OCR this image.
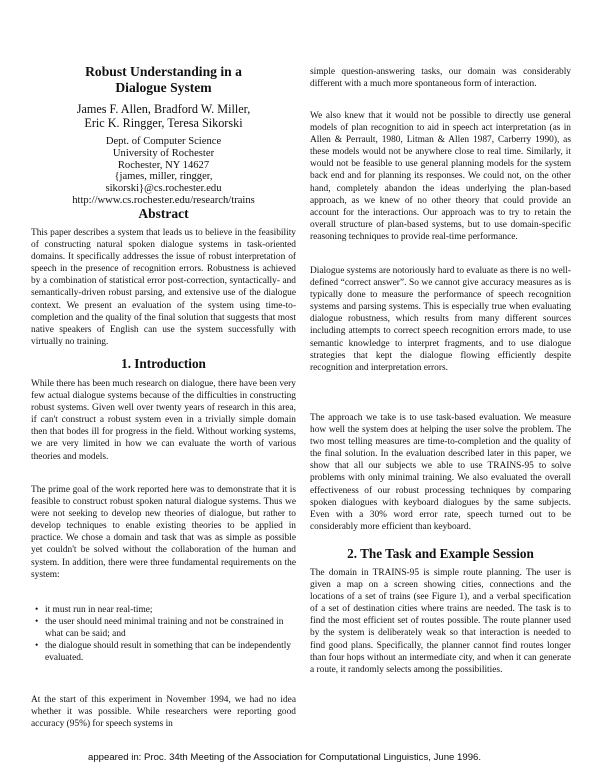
Robust Understanding in a
Dialogue System
James F. Allen, Bradford W. Miller,
Eric K. Ringger, Teresa Sikorski
Dept. of Computer Science
University of Rochester
Rochester, NY 14627
{james, miller, ringger,
sikorski}@cs.rochester.edu
http://www.cs.rochester.edu/research/trains
Abstract

This paper describes a system that leads us to believe in the feasibility of constructing natural spoken dialogue systems in task-oriented domains. It specifically addresses the issue of robust interpretation of speech in the presence of recognition errors. Robustness is achieved by a combination of statistical error post-correction, syntactically- and semantically-driven robust parsing, and extensive use of the dialogue context. We present an evaluation of the system using time-to-completion and the quality of the final solution that suggests that most native speakers of English can use the system successfully with virtually no training.

1. Introduction

While there has been much research on dialogue, there have been very few actual dialogue systems because of the difficulties in constructing robust systems. Given well over twenty years of research in this area, if can't construct a robust system even in a trivially simple domain then that bodes ill for progress in the field. Without working systems, we are very limited in how we can evaluate the worth of various theories and models.

The prime goal of the work reported here was to demonstrate that it is feasible to construct robust spoken natural dialogue systems. Thus we were not seeking to develop new theories of dialogue, but rather to develop techniques to enable existing theories to be applied in practice. We chose a domain and task that was as simple as possible yet couldn't be solved without the collaboration of the human and system. In addition, there were three fundamental requirements on the system:

• it must run in near real-time;
• the user should need minimal training and not be constrained in what can be said; and
• the dialogue should result in something that can be independently evaluated.

At the start of this experiment in November 1994, we had no idea whether it was possible. While researchers were reporting good accuracy (95%) for speech systems in

simple question-answering tasks, our domain was considerably different with a much more spontaneous form of interaction.

We also knew that it would not be possible to directly use general models of plan recognition to aid in speech act interpretation (as in Allen & Perrault, 1980, Litman & Allen 1987, Carberry 1990), as these models would not be anywhere close to real time. Similarly, it would not be feasible to use general planning models for the system back end and for planning its responses. We could not, on the other hand, completely abandon the ideas underlying the plan-based approach, as we knew of no other theory that could provide an account for the interactions. Our approach was to try to retain the overall structure of plan-based systems, but to use domain-specific reasoning techniques to provide real-time performance.

Dialogue systems are notoriously hard to evaluate as there is no well-defined “correct answer”. So we cannot give accuracy measures as is typically done to measure the performance of speech recognition systems and parsing systems. This is especially true when evaluating dialogue robustness, which results from many different sources including attempts to correct speech recognition errors made, to use semantic knowledge to interpret fragments, and to use dialogue strategies that kept the dialogue flowing efficiently despite recognition and interpretation errors.

The approach we take is to use task-based evaluation. We measure how well the system does at helping the user solve the problem. The two most telling measures are time-to-completion and the quality of the final solution. In the evaluation described later in this paper, we show that all our subjects we able to use TRAINS-95 to solve problems with only minimal training. We also evaluated the overall effectiveness of our robust processing techniques by comparing spoken dialogues with keyboard dialogues by the same subjects. Even with a 30% word error rate, speech turned out to be considerably more efficient than keyboard.

2. The Task and Example Session

The domain in TRAINS-95 is simple route planning. The user is given a map on a screen showing cities, connections and the locations of a set of trains (see Figure 1), and a verbal specification of a set of destination cities where trains are needed. The task is to find the most efficient set of routes possible. The route planner used by the system is deliberately weak so that interaction is needed to find good plans. Specifically, the planner cannot find routes longer than four hops without an intermediate city, and when it can generate a route, it randomly selects among the possibilities.

appeared in: Proc. 34th Meeting of the Association for Computational Linguistics, June 1996.
